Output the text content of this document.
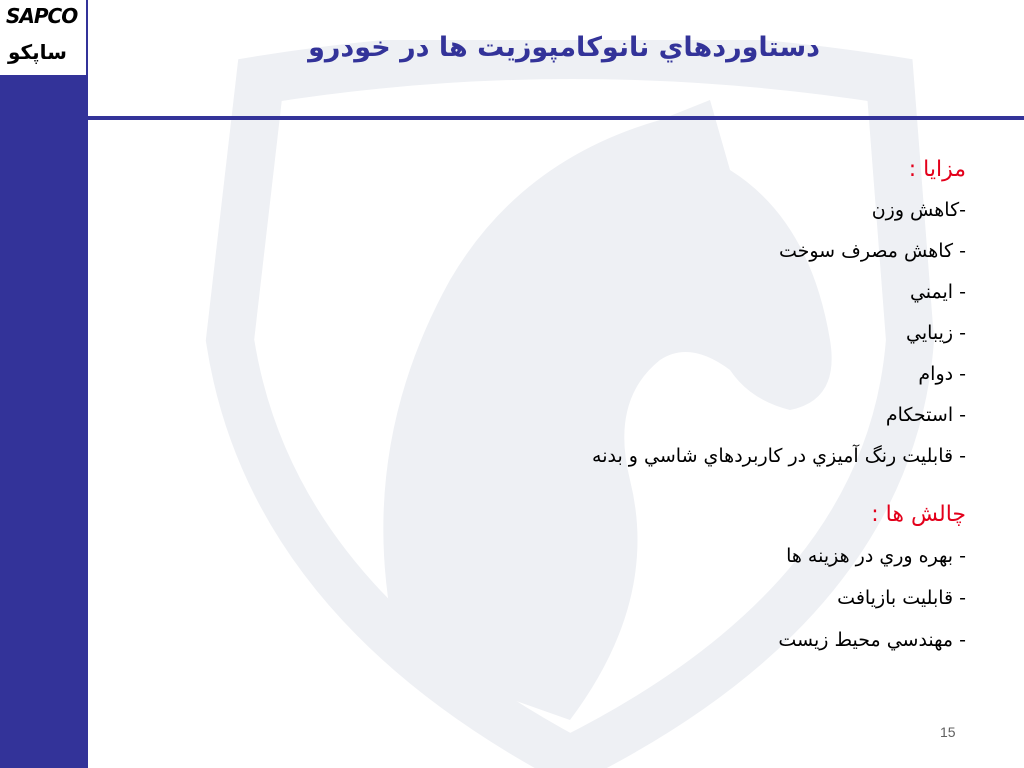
SAPCO
ساپکو	دستاوردهاي نانوكامپوزيت ها در خودرو
مزايا :
-كاهش وزن
- كاهش مصرف سوخت
- ايمني
- زيبايي
- دوام
- استحكام
- قابليت رنگ آميزي در كاربردهاي شاسي و بدنه
چالش ها :
- بهره وري در هزينه ها
- قابليت بازيافت
- مهندسي محيط زيست
15
